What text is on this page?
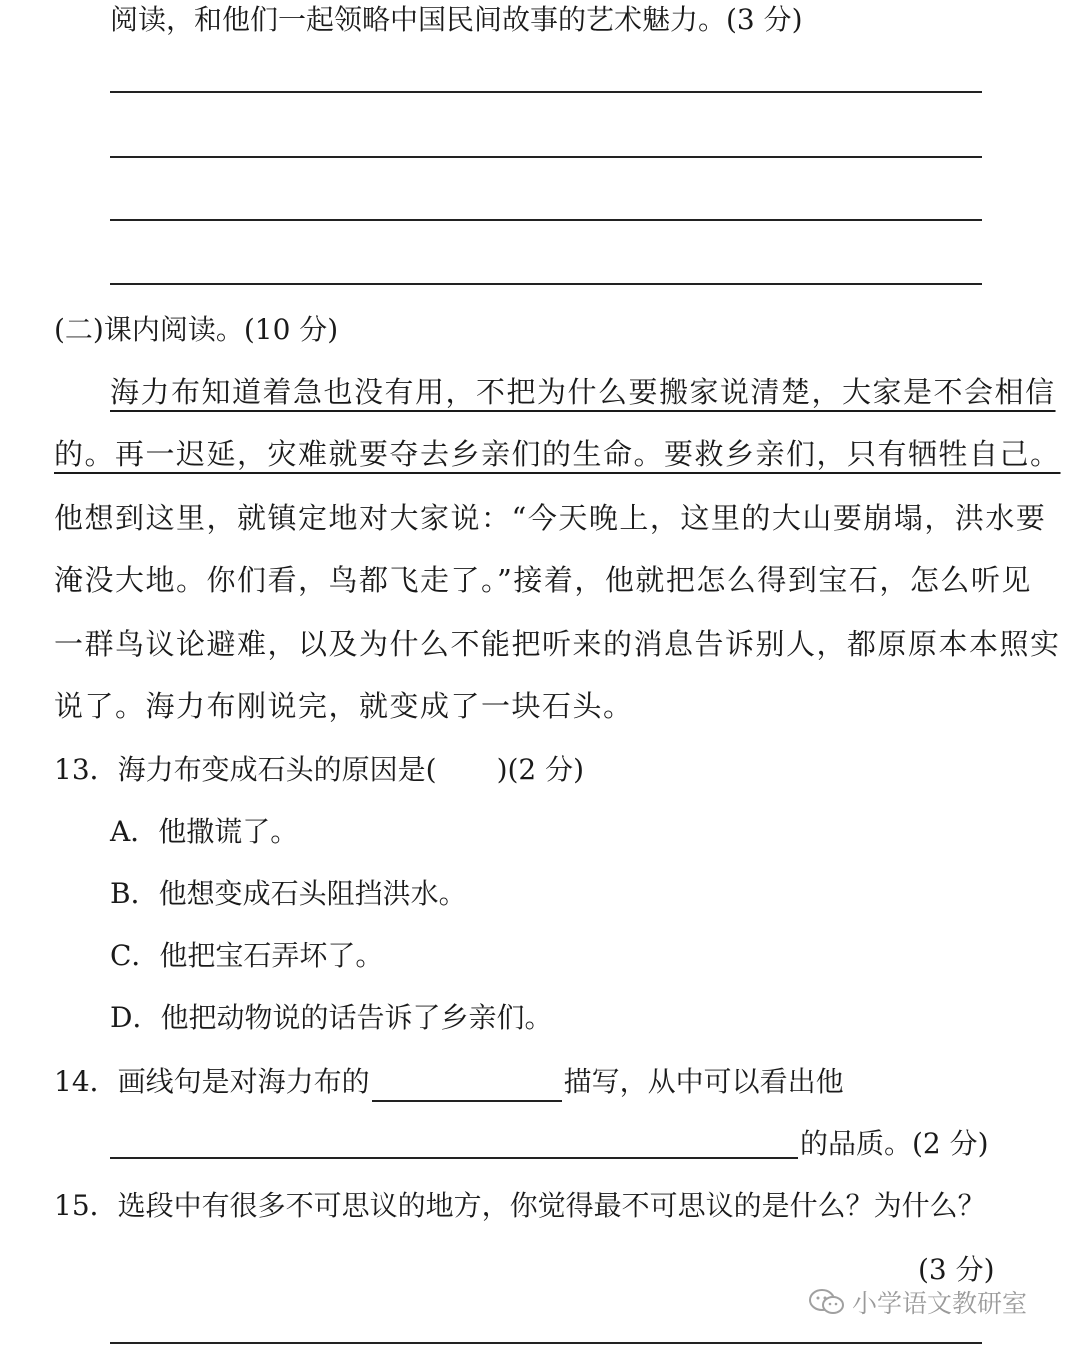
阅读，和他们一起领略中国民间故事的艺术魅力。(3 分)
(二)课内阅读。(10 分)
海力布知道着急也没有用，不把为什么要搬家说清楚，大家是不会相信
的。再一迟延，灾难就要夺去乡亲们的生命。要救乡亲们，只有牺牲自己。
他想到这里，就镇定地对大家说：“今天晚上，这里的大山要崩塌，洪水要
淹没大地。你们看，鸟都飞走了。”接着，他就把怎么得到宝石，怎么听见
一群鸟议论避难，以及为什么不能把听来的消息告诉别人，都原原本本照实
说了。海力布刚说完，就变成了一块石头。
13．海力布变成石头的原因是( )(2 分)
A．他撒谎了。
B．他想变成石头阻挡洪水。
C．他把宝石弄坏了。
D．他把动物说的话告诉了乡亲们。
14．画线句是对海力布的	描写，从中可以看出他
的品质。(2 分)
15．选段中有很多不可思议的地方，你觉得最不可思议的是什么？为什么？
(3 分)
小学语文教研室
